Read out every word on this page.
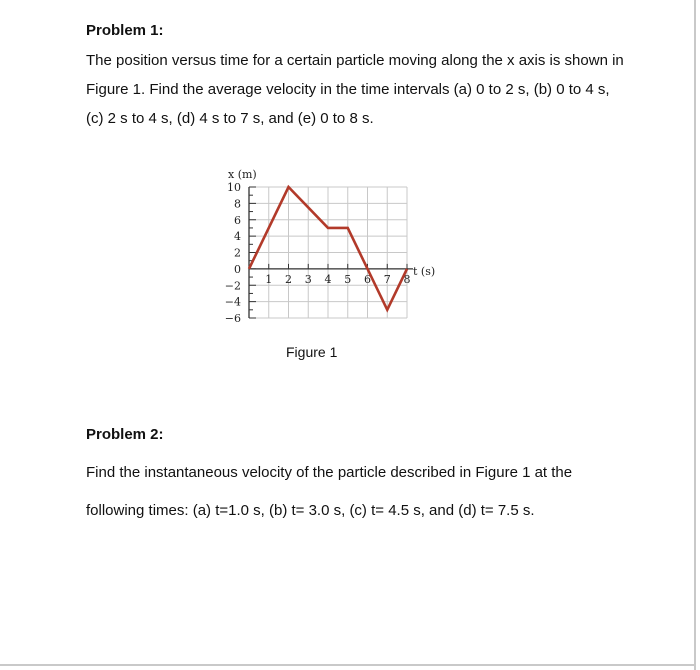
Problem 1:
The position versus time for a certain particle moving along the x axis is shown in
Figure 1. Find the average velocity in the time intervals (a) 0 to 2 s, (b) 0 to 4 s,
(c) 2 s to 4 s, (d) 4 s to 7 s, and (e) 0 to 8 s.
10
8
6
4
2
0
−2
−4
−6
1 2 3 4 5 6 7 8
x (m)
t (s)
Figure 1
Problem 2:
Find the instantaneous velocity of the particle described in Figure 1 at the
following times: (a) t=1.0 s, (b) t= 3.0 s, (c) t= 4.5 s, and (d) t= 7.5 s.
